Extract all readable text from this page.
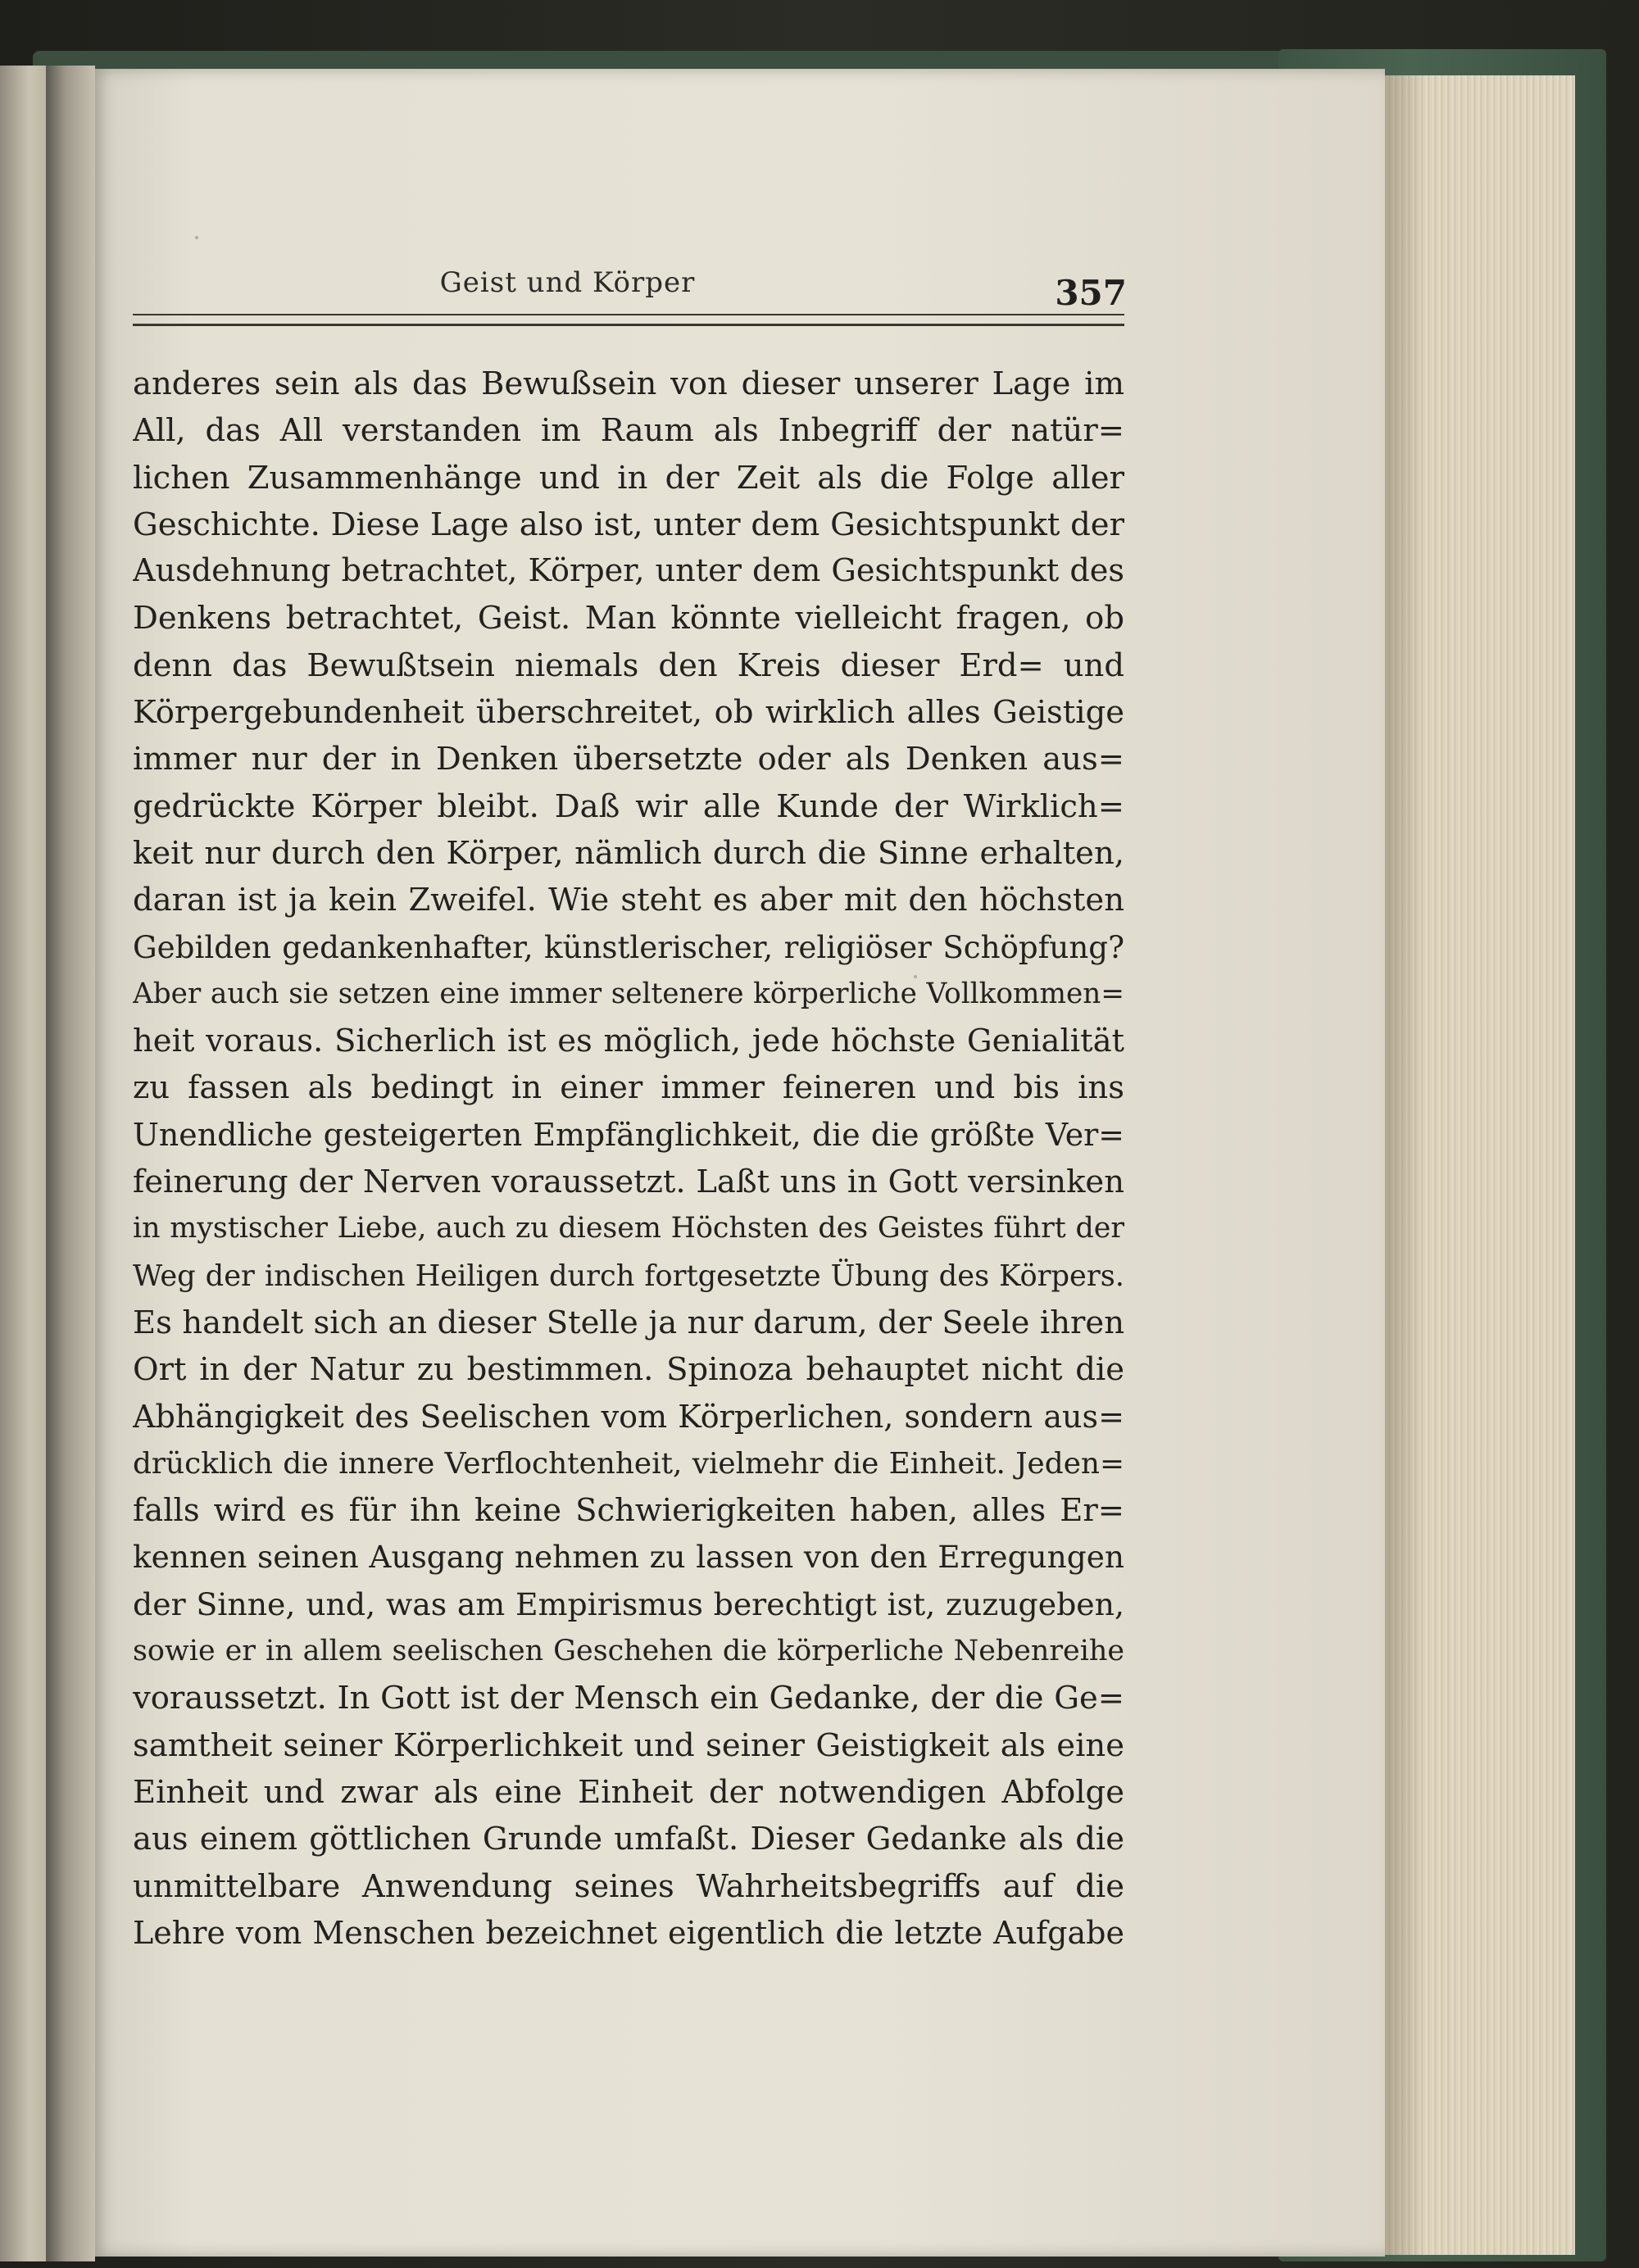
Geist und Körper	357
anderes sein als das Bewußsein von dieser unserer Lage im
All, das All verstanden im Raum als Inbegriff der natür=
lichen Zusammenhänge und in der Zeit als die Folge aller
Geschichte. Diese Lage also ist, unter dem Gesichtspunkt der
Ausdehnung betrachtet, Körper, unter dem Gesichtspunkt des
Denkens betrachtet, Geist. Man könnte vielleicht fragen, ob
denn das Bewußtsein niemals den Kreis dieser Erd= und
Körpergebundenheit überschreitet, ob wirklich alles Geistige
immer nur der in Denken übersetzte oder als Denken aus=
gedrückte Körper bleibt. Daß wir alle Kunde der Wirklich=
keit nur durch den Körper, nämlich durch die Sinne erhalten,
daran ist ja kein Zweifel. Wie steht es aber mit den höchsten
Gebilden gedankenhafter, künstlerischer, religiöser Schöpfung?
Aber auch sie setzen eine immer seltenere körperliche Vollkommen=
heit voraus. Sicherlich ist es möglich, jede höchste Genialität
zu fassen als bedingt in einer immer feineren und bis ins
Unendliche gesteigerten Empfänglichkeit, die die größte Ver=
feinerung der Nerven voraussetzt. Laßt uns in Gott versinken
in mystischer Liebe, auch zu diesem Höchsten des Geistes führt der
Weg der indischen Heiligen durch fortgesetzte Übung des Körpers.
Es handelt sich an dieser Stelle ja nur darum, der Seele ihren
Ort in der Natur zu bestimmen. Spinoza behauptet nicht die
Abhängigkeit des Seelischen vom Körperlichen, sondern aus=
drücklich die innere Verflochtenheit, vielmehr die Einheit. Jeden=
falls wird es für ihn keine Schwierigkeiten haben, alles Er=
kennen seinen Ausgang nehmen zu lassen von den Erregungen
der Sinne, und, was am Empirismus berechtigt ist, zuzugeben,
sowie er in allem seelischen Geschehen die körperliche Nebenreihe
voraussetzt. In Gott ist der Mensch ein Gedanke, der die Ge=
samtheit seiner Körperlichkeit und seiner Geistigkeit als eine
Einheit und zwar als eine Einheit der notwendigen Abfolge
aus einem göttlichen Grunde umfaßt. Dieser Gedanke als die
unmittelbare Anwendung seines Wahrheitsbegriffs auf die
Lehre vom Menschen bezeichnet eigentlich die letzte Aufgabe
